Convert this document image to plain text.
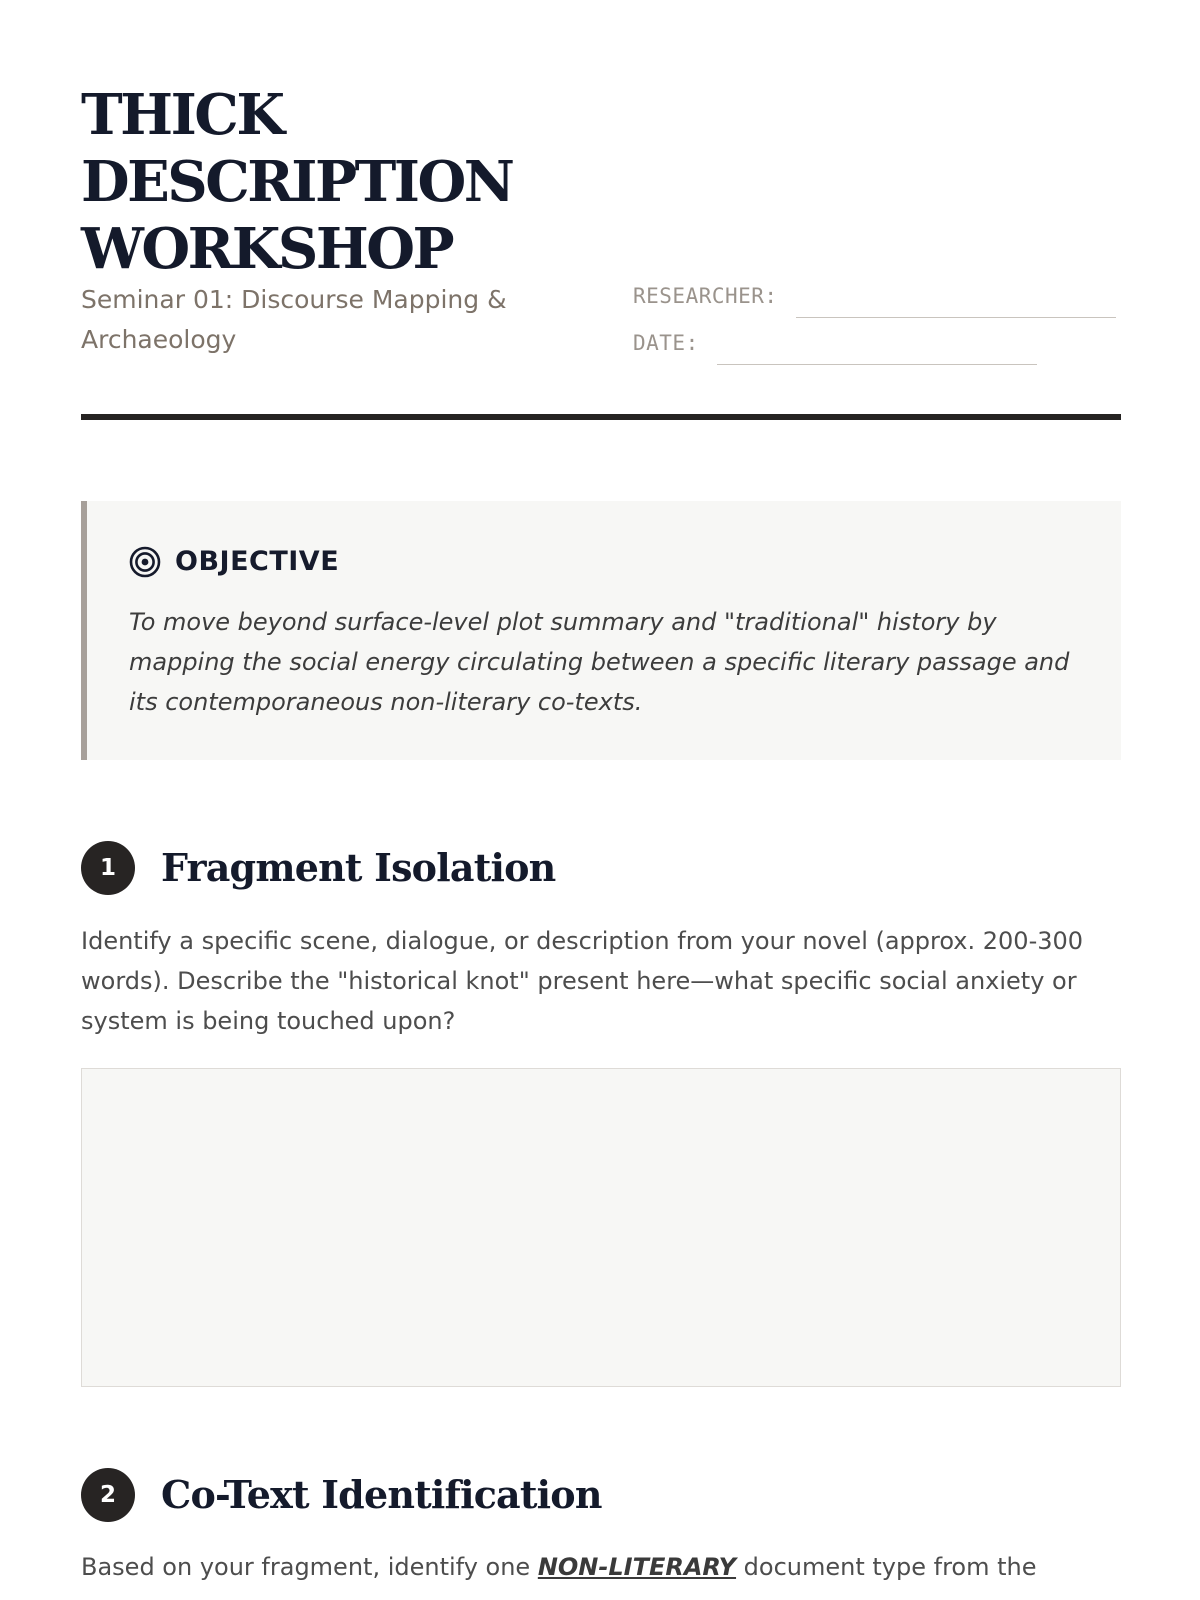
THICK
DESCRIPTION
WORKSHOP
Seminar 01: Discourse Mapping & Archaeology
RESEARCHER:
DATE:
OBJECTIVE
To move beyond surface-level plot summary and "traditional" history by mapping the social energy circulating between a specific literary passage and its contemporaneous non-literary co-texts.
1	Fragment Isolation
Identify a specific scene, dialogue, or description from your novel (approx. 200-300 words). Describe the "historical knot" present here—what specific social anxiety or system is being touched upon?
2	Co-Text Identification
Based on your fragment, identify one NON-LITERARY document type from the
